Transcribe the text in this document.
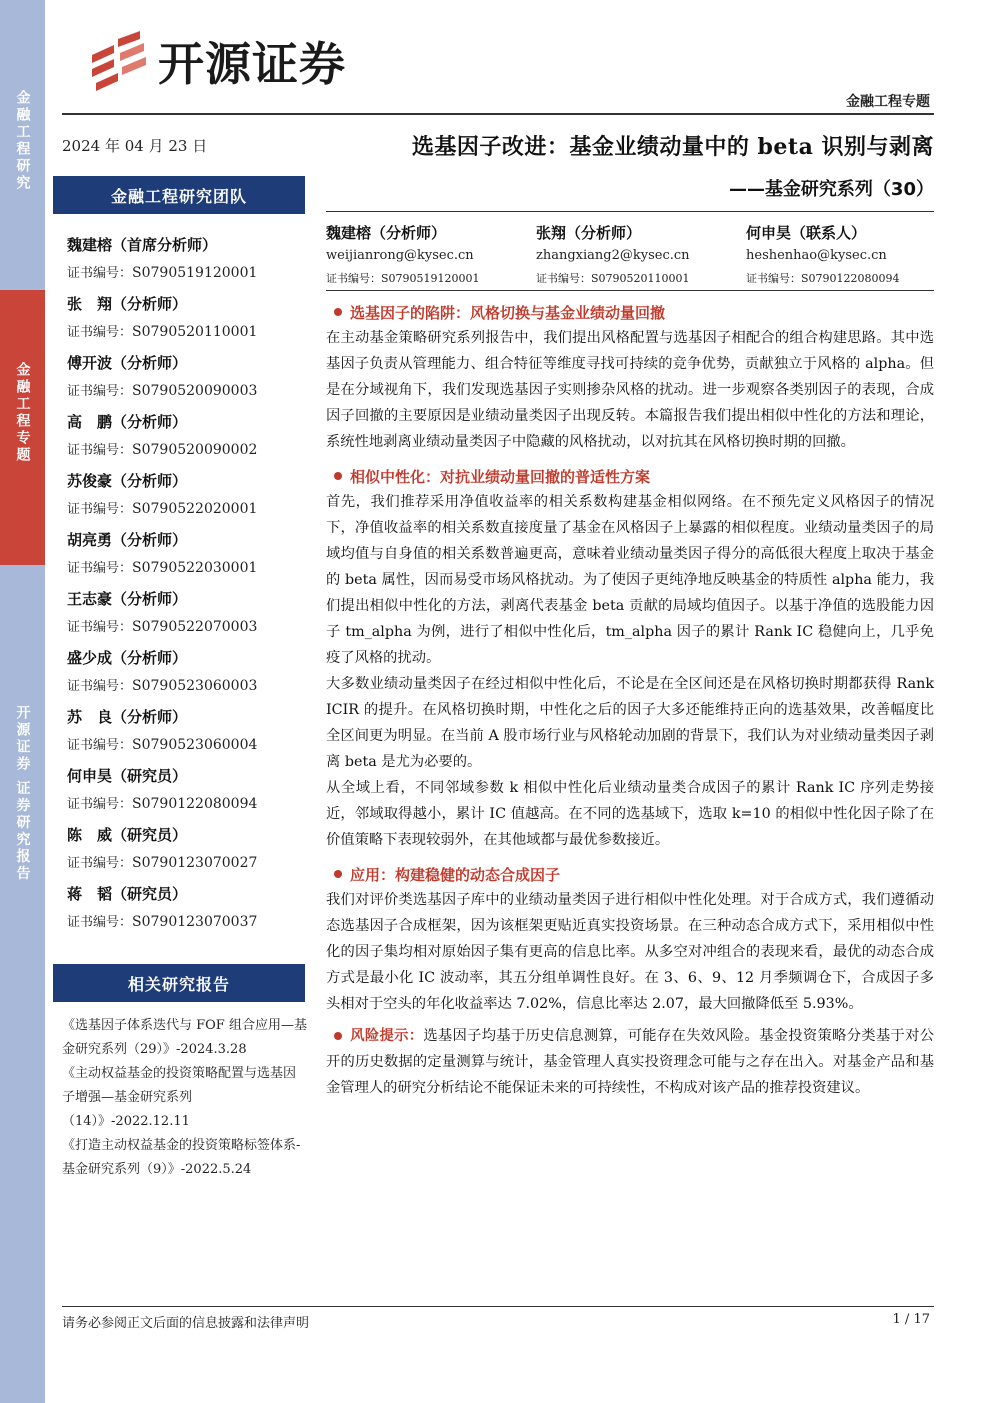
金融工程研究
金融工程专题
开源证券 证券研究报告
开源证券
金融工程专题
2024 年 04 月 23 日
金融工程研究团队
魏建榕（首席分析师）
证书编号：S0790519120001
张　翔（分析师）
证书编号：S0790520110001
傅开波（分析师）
证书编号：S0790520090003
高　鹏（分析师）
证书编号：S0790520090002
苏俊豪（分析师）
证书编号：S0790522020001
胡亮勇（分析师）
证书编号：S0790522030001
王志豪（分析师）
证书编号：S0790522070003
盛少成（分析师）
证书编号：S0790523060003
苏　良（分析师）
证书编号：S0790523060004
何申昊（研究员）
证书编号：S0790122080094
陈　威（研究员）
证书编号：S0790123070027
蒋　韬（研究员）
证书编号：S0790123070037
相关研究报告

《选基因子体系迭代与 FOF 组合应用—基金研究系列（29）》-2024.3.28

《主动权益基金的投资策略配置与选基因子增强—基金研究系列（14）》-2022.12.11

《打造主动权益基金的投资策略标签体系-基金研究系列（9）》-2022.5.24

选基因子改进：基金业绩动量中的 beta 识别与剥离
——基金研究系列（30）
魏建榕（分析师）
weijianrong@kysec.cn
证书编号：S0790519120001
张翔（分析师）
zhangxiang2@kysec.cn
证书编号：S0790520110001
何申昊（联系人）
heshenhao@kysec.cn
证书编号：S0790122080094
选基因子的陷阱：风格切换与基金业绩动量回撤

在主动基金策略研究系列报告中，我们提出风格配置与选基因子相配合的组合构建思路。其中选基因子负责从管理能力、组合特征等维度寻找可持续的竞争优势，贡献独立于风格的 alpha。但是在分域视角下，我们发现选基因子实则掺杂风格的扰动。进一步观察各类别因子的表现，合成因子回撤的主要原因是业绩动量类因子出现反转。本篇报告我们提出相似中性化的方法和理论，系统性地剥离业绩动量类因子中隐藏的风格扰动，以对抗其在风格切换时期的回撤。

相似中性化：对抗业绩动量回撤的普适性方案

首先，我们推荐采用净值收益率的相关系数构建基金相似网络。在不预先定义风格因子的情况下，净值收益率的相关系数直接度量了基金在风格因子上暴露的相似程度。业绩动量类因子的局域均值与自身值的相关系数普遍更高，意味着业绩动量类因子得分的高低很大程度上取决于基金的 beta 属性，因而易受市场风格扰动。为了使因子更纯净地反映基金的特质性 alpha 能力，我们提出相似中性化的方法，剥离代表基金 beta 贡献的局域均值因子。以基于净值的选股能力因子 tm_alpha 为例，进行了相似中性化后，tm_alpha 因子的累计 Rank IC 稳健向上，几乎免疫了风格的扰动。

大多数业绩动量类因子在经过相似中性化后，不论是在全区间还是在风格切换时期都获得 Rank ICIR 的提升。在风格切换时期，中性化之后的因子大多还能维持正向的选基效果，改善幅度比全区间更为明显。在当前 A 股市场行业与风格轮动加剧的背景下，我们认为对业绩动量类因子剥离 beta 是尤为必要的。

从全域上看，不同邻域参数 k 相似中性化后业绩动量类合成因子的累计 Rank IC 序列走势接近，邻域取得越小，累计 IC 值越高。在不同的选基域下，选取 k=10 的相似中性化因子除了在价值策略下表现较弱外，在其他域都与最优参数接近。

应用：构建稳健的动态合成因子

我们对评价类选基因子库中的业绩动量类因子进行相似中性化处理。对于合成方式，我们遵循动态选基因子合成框架，因为该框架更贴近真实投资场景。在三种动态合成方式下，采用相似中性化的因子集均相对原始因子集有更高的信息比率。从多空对冲组合的表现来看，最优的动态合成方式是最小化 IC 波动率，其五分组单调性良好。在 3、6、9、12 月季频调仓下，合成因子多头相对于空头的年化收益率达 7.02%，信息比率达 2.07，最大回撤降低至 5.93%。

风险提示：选基因子均基于历史信息测算，可能存在失效风险。基金投资策略分类基于对公开的历史数据的定量测算与统计，基金管理人真实投资理念可能与之存在出入。对基金产品和基金管理人的研究分析结论不能保证未来的可持续性，不构成对该产品的推荐投资建议。

请务必参阅正文后面的信息披露和法律声明	1 / 17
